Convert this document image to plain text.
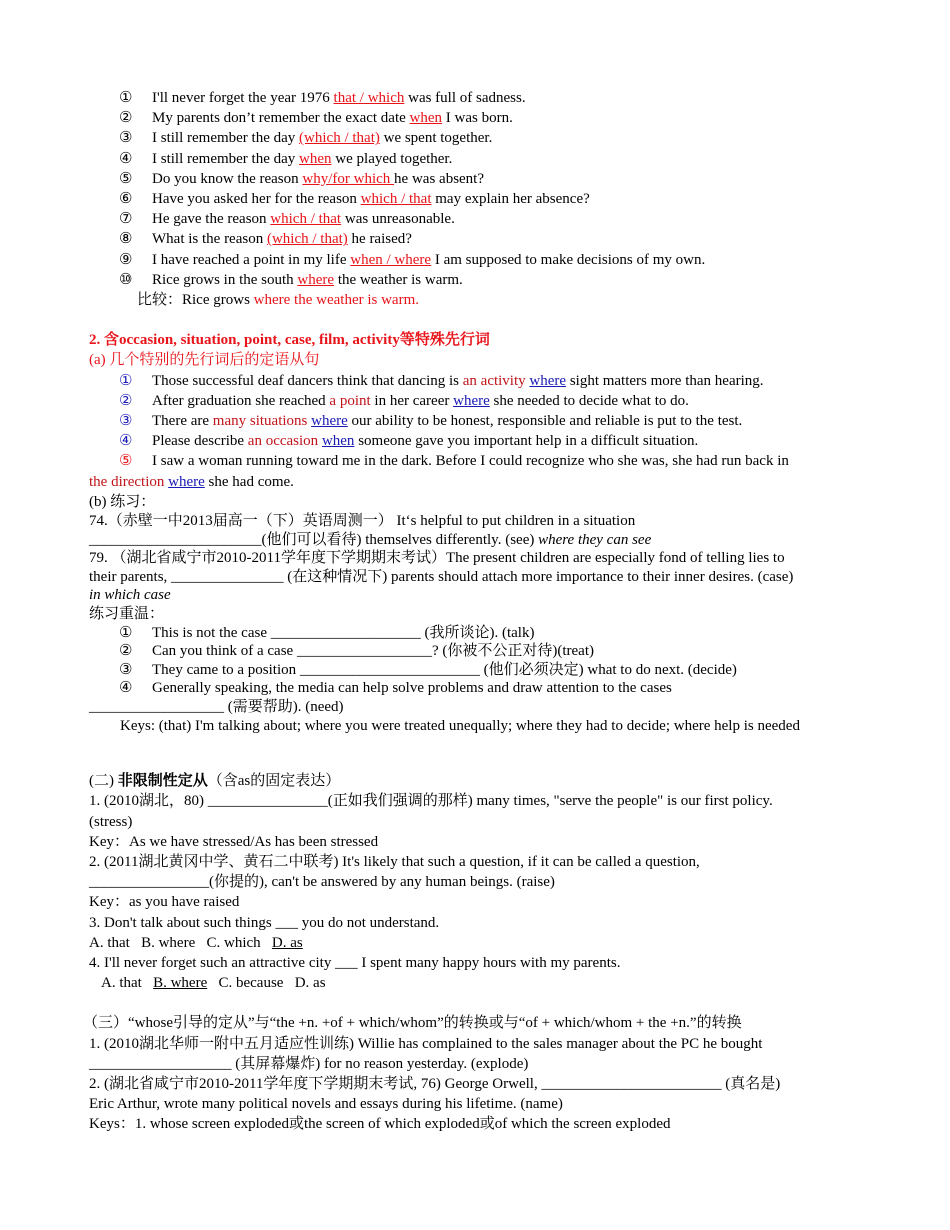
① I'll never forget the year 1976 that / which was full of sadness.
② My parents don’t remember the exact date when I was born.
③ I still remember the day (which / that) we spent together.
④ I still remember the day when we played together.
⑤ Do you know the reason why/for which he was absent?
⑥ Have you asked her for the reason which / that may explain her absence?
⑦ He gave the reason which / that was unreasonable.
⑧ What is the reason (which / that) he raised?
⑨ I have reached a point in my life when / where I am supposed to make decisions of my own.
⑩ Rice grows in the south where the weather is warm.
比较：Rice grows where the weather is warm.
2. 含occasion, situation, point, case, film, activity等特殊先行词
(a) 几个特别的先行词后的定语从句
① Those successful deaf dancers think that dancing is an activity where sight matters more than hearing.
② After graduation she reached a point in her career where she needed to decide what to do.
③ There are many situations where our ability to be honest, responsible and reliable is put to the test.
④ Please describe an occasion when someone gave you important help in a difficult situation.
⑤ I saw a woman running toward me in the dark. Before I could recognize who she was, she had run back in
the direction where she had come.
(b) 练习：
74.（赤壁一中2013届高一（下）英语周测一） It‘s helpful to put children in a situation
_______________________(他们可以看待) themselves differently. (see) where they can see
79. （湖北省咸宁市2010-2011学年度下学期期末考试）The present children are especially fond of telling lies to
their parents, _______________ (在这种情况下) parents should attach more importance to their inner desires. (case)
in which case
练习重温：
① This is not the case ____________________ (我所谈论). (talk)
② Can you think of a case __________________? (你被不公正对待)(treat)
③ They came to a position ________________________ (他们必须决定) what to do next. (decide)
④ Generally speaking, the media can help solve problems and draw attention to the cases
__________________ (需要帮助). (need)
Keys: (that) I'm talking about; where you were treated unequally; where they had to decide; where help is needed
(二) 非限制性定从（含as的固定表达）
1. (2010湖北，80) ________________(正如我们强调的那样) many times, "serve the people" is our first policy.
(stress)
Key：As we have stressed/As has been stressed
2. (2011湖北黄冈中学、黄石二中联考) It's likely that such a question, if it can be called a question,
________________(你提的), can't be answered by any human beings. (raise)
Key：as you have raised
3. Don't talk about such things ___ you do not understand.
A. that B. where C. which D. as
4. I'll never forget such an attractive city ___ I spent many happy hours with my parents.
A. that B. where C. because D. as
（三）“whose引导的定从”与“the +n. +of + which/whom”的转换或与“of + which/whom + the +n.”的转换
1. (2010湖北华师一附中五月适应性训练) Willie has complained to the sales manager about the PC he bought
___________________ (其屏幕爆炸) for no reason yesterday. (explode)
2. (湖北省咸宁市2010-2011学年度下学期期末考试, 76) George Orwell, ________________________ (真名是)
Eric Arthur, wrote many political novels and essays during his lifetime. (name)
Keys：1. whose screen exploded或the screen of which exploded或of which the screen exploded
